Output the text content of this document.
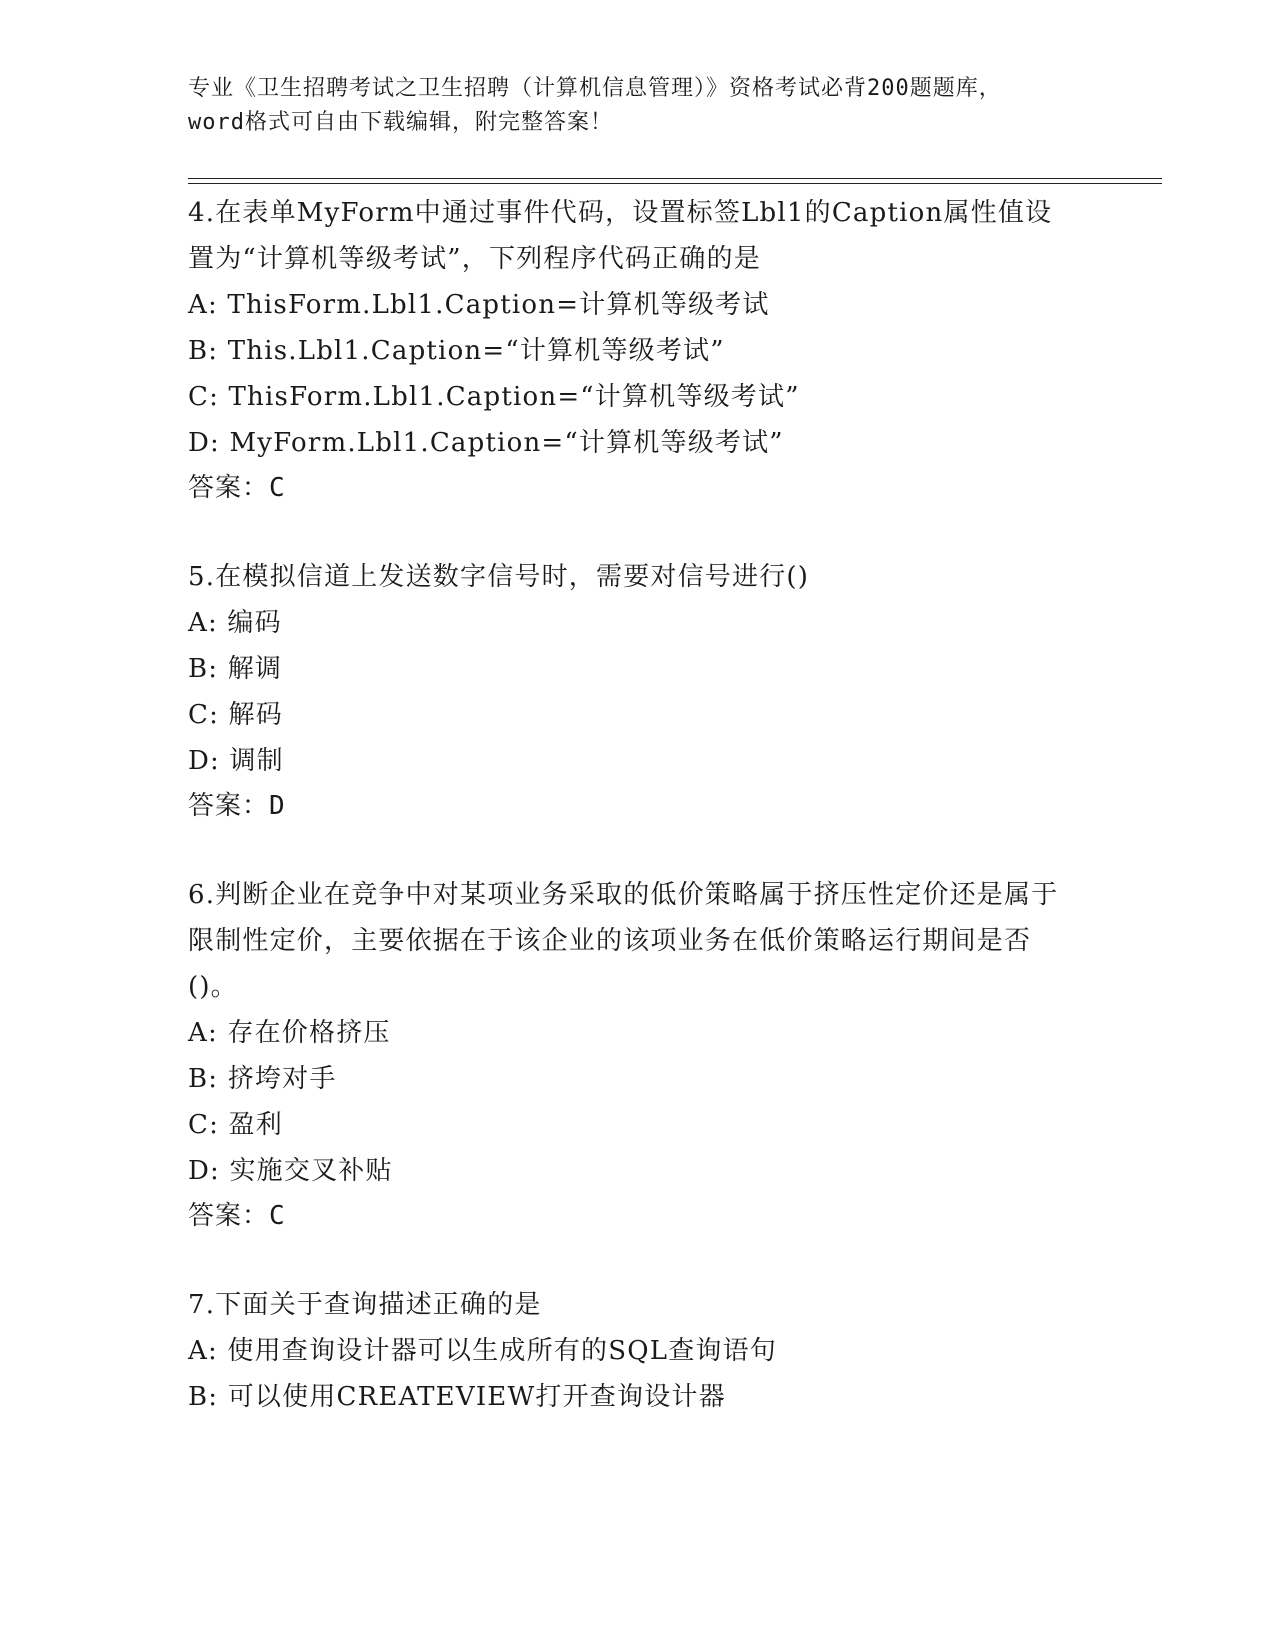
专业《卫生招聘考试之卫生招聘（计算机信息管理）》资格考试必背200题题库，
word格式可自由下载编辑，附完整答案！
4.在表单MyForm中通过事件代码，设置标签Lbl1的Caption属性值设置为“计算机等级考试”，下列程序代码正确的是
A: ThisForm.Lbl1.Caption=计算机等级考试
B: This.Lbl1.Caption=“计算机等级考试”
C: ThisForm.Lbl1.Caption=“计算机等级考试”
D: MyForm.Lbl1.Caption=“计算机等级考试”
答案：C
5.在模拟信道上发送数字信号时，需要对信号进行()
A: 编码
B: 解调
C: 解码
D: 调制
答案：D
6.判断企业在竞争中对某项业务采取的低价策略属于挤压性定价还是属于限制性定价，主要依据在于该企业的该项业务在低价策略运行期间是否()。
A: 存在价格挤压
B: 挤垮对手
C: 盈利
D: 实施交叉补贴
答案：C
7.下面关于查询描述正确的是
A: 使用查询设计器可以生成所有的SQL查询语句
B: 可以使用CREATEVIEW打开查询设计器
